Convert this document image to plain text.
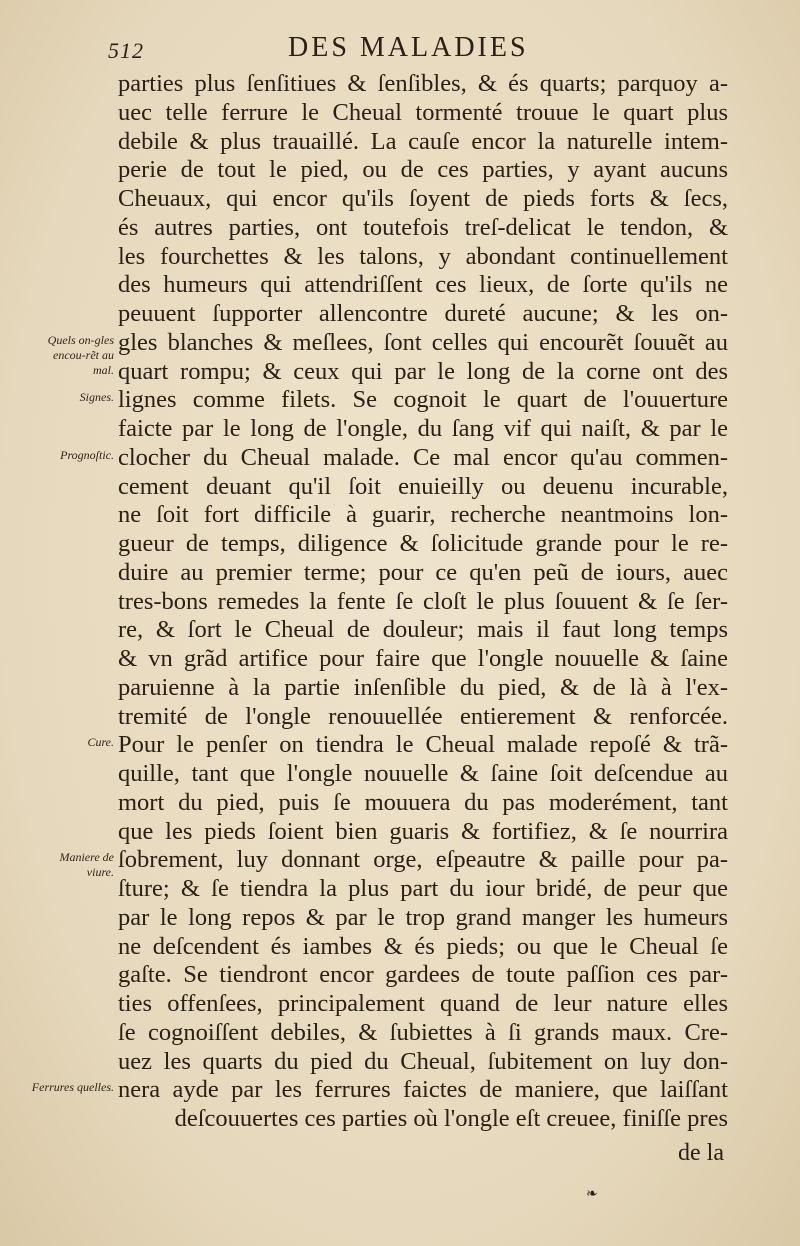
512	DES MALADIES
parties plus ſenſitiues & ſenſibles, & és quarts; parquoy a-
uec telle ferrure le Cheual tormenté trouue le quart plus
debile & plus trauaillé. La cauſe encor la naturelle intem-
perie de tout le pied, ou de ces parties, y ayant aucuns
Cheuaux, qui encor qu'ils ſoyent de pieds forts & ſecs,
és autres parties, ont toutefois treſ-delicat le tendon, &
les fourchettes & les talons, y abondant continuellement
des humeurs qui attendriſſent ces lieux, de ſorte qu'ils ne
peuuent ſupporter allencontre dureté aucune; & les on-
gles blanches & meſlees, ſont celles qui encourẽt ſouuẽt au
quart rompu; & ceux qui par le long de la corne ont des
lignes comme filets. Se cognoit le quart de l'ouuerture
faicte par le long de l'ongle, du ſang vif qui naiſt, & par le
clocher du Cheual malade. Ce mal encor qu'au commen-
cement deuant qu'il ſoit enuieilly ou deuenu incurable,
ne ſoit fort difficile à guarir, recherche neantmoins lon-
gueur de temps, diligence & ſolicitude grande pour le re-
duire au premier terme; pour ce qu'en peũ de iours, auec
tres-bons remedes la fente ſe cloſt le plus ſouuent & ſe ſer-
re, & ſort le Cheual de douleur; mais il faut long temps
& vn grãd artifice pour faire que l'ongle nouuelle & ſaine
paruienne à la partie inſenſible du pied, & de là à l'ex-
tremité de l'ongle renouuellée entierement & renforcée.
Pour le penſer on tiendra le Cheual malade repoſé & trã-
quille, tant que l'ongle nouuelle & ſaine ſoit deſcendue au
mort du pied, puis ſe mouuera du pas moderément, tant
que les pieds ſoient bien guaris & fortifiez, & ſe nourrira
ſobrement, luy donnant orge, eſpeautre & paille pour pa-
ſture; & ſe tiendra la plus part du iour bridé, de peur que
par le long repos & par le trop grand manger les humeurs
ne deſcendent és iambes & és pieds; ou que le Cheual ſe
gaſte. Se tiendront encor gardees de toute paſſion ces par-
ties offenſees, principalement quand de leur nature elles
ſe cognoiſſent debiles, & ſubiettes à ſi grands maux. Cre-
uez les quarts du pied du Cheual, ſubitement on luy don-
nera ayde par les ferrures faictes de maniere, que laiſſant
deſcouuertes ces parties où l'ongle eſt creuee, finiſſe pres
Quels on-gles encou-rẽt au mal.
Signes.
Prognoſtic.
Cure.
Maniere de viure.
Ferrures quelles.
de la
❧
